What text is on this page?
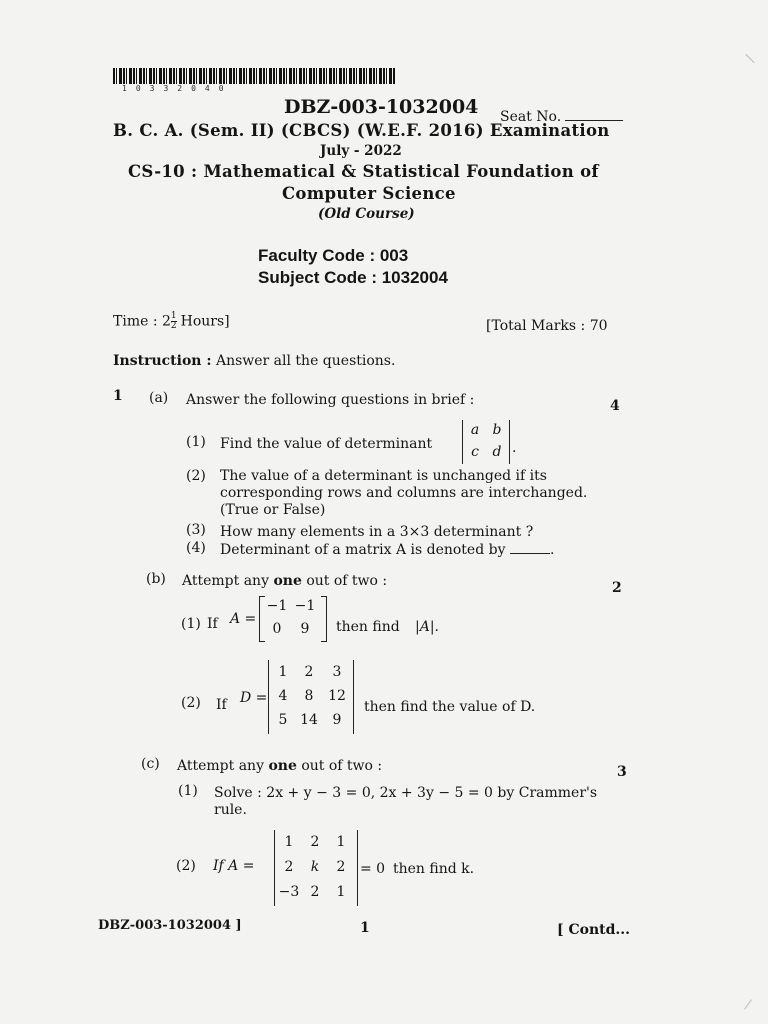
10332040
DBZ-003-1032004 Seat No.
B. C. A. (Sem. II) (CBCS) (W.E.F. 2016) Examination
July - 2022
CS-10 : Mathematical & Statistical Foundation of
Computer Science
(Old Course)
Faculty Code : 003
Subject Code : 1032004
Time : $2 \frac{1}{2}$ Hours]	[Total Marks : 70
Instruction : Answer all the questions.
1 (a) Answer the following questions in brief :	4
(1) Find the value of determinant
a b
c d .
(2) The value of a determinant is unchanged if its
corresponding rows and columns are interchanged.
(True or False)
(3) How many elements in a 3×3 determinant ?
(4) Determinant of a matrix A is denoted by	.
(b) Attempt any one out of two :	2
(1) If A =
−1 −1
0	9	then find |A|.
(2) If D =
1	2	3
4	8	12
5 14	9
then find the value of D.
(c) Attempt any one out of two :	3
(1) Solve : 2x + y − 3 = 0, 2x + 3y − 5 = 0 by Crammer's
rule.
(2) If A =
1	2	1
2	k	2
−3 2	1
= 0 then find k.
DBZ-003-1032004 ]	1	[ Contd...
